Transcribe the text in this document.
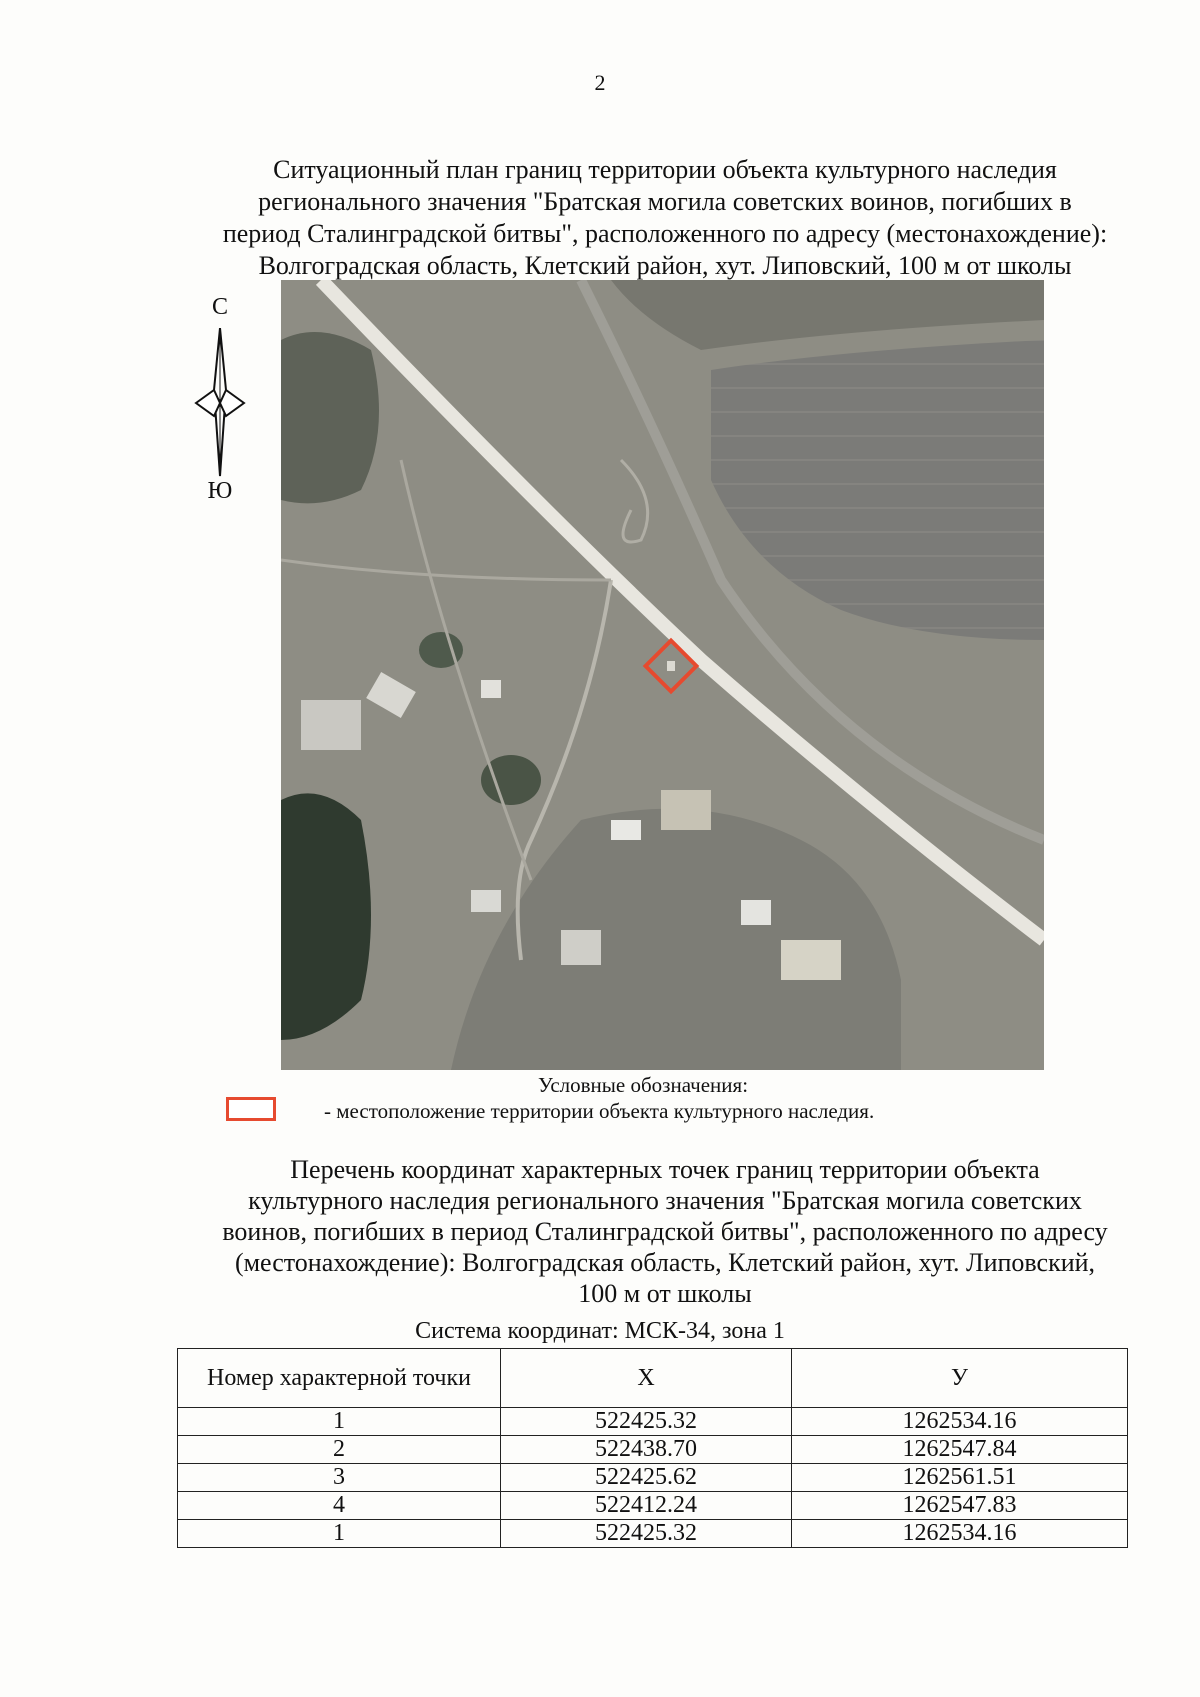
2
Ситуационный план границ территории объекта культурного наследия
регионального значения "Братская могила советских воинов, погибших в
период Сталинградской битвы", расположенного по адресу (местонахождение):
Волгоградская область, Клетский район, хут. Липовский, 100 м от школы
С
Ю
Условные обозначения:
- местоположение территории объекта культурного наследия.
Перечень координат характерных точек границ территории объекта
культурного наследия регионального значения "Братская могила советских
воинов, погибших в период Сталинградской битвы", расположенного по адресу
(местонахождение): Волгоградская область, Клетский район, хут. Липовский,
100 м от школы
Система координат: МСК-34, зона 1
Номер характерной точки	X	У
1	522425.32	1262534.16
2	522438.70	1262547.84
3	522425.62	1262561.51
4	522412.24	1262547.83
1	522425.32	1262534.16
